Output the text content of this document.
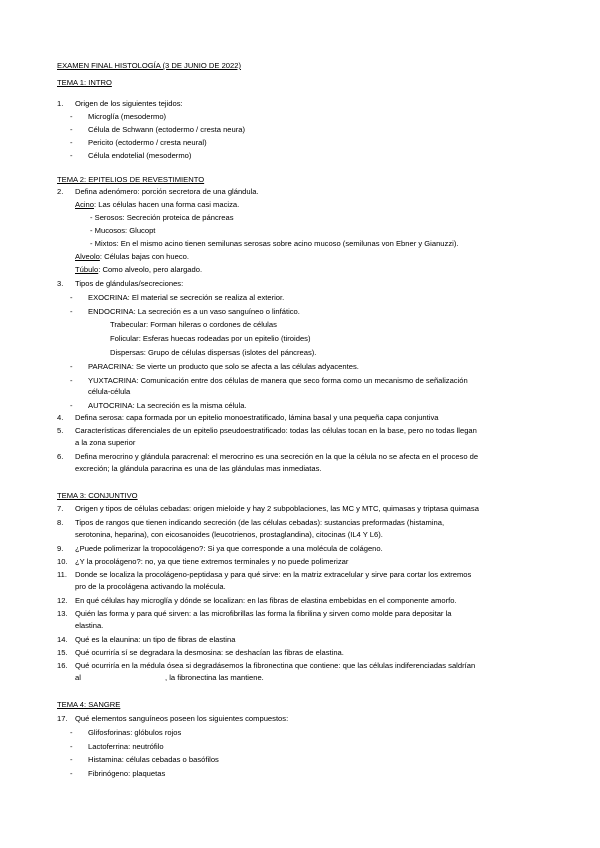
EXAMEN FINAL HISTOLOGÍA (3 DE JUNIO DE 2022)
TEMA 1: INTRO
1. Origen de los siguientes tejidos:
- Microglía (mesodermo)
- Célula de Schwann (ectodermo / cresta neura)
- Pericito (ectodermo / cresta neural)
- Célula endotelial (mesodermo)
TEMA 2: EPITELIOS DE REVESTIMIENTO
2. Defina adenómero: porción secretora de una glándula.
Acino: Las células hacen una forma casi maciza.
- Serosos: Secreción proteica de páncreas
- Mucosos: Glucopt
- Mixtos: En el mismo acino tienen semilunas serosas sobre acino mucoso (semilunas von Ebner y Gianuzzi).
Alveolo: Células bajas con hueco.
Túbulo: Como alveolo, pero alargado.
3. Tipos de glándulas/secreciones:
- EXOCRINA: El material se secreción se realiza al exterior.
- ENDOCRINA: La secreción es a un vaso sanguíneo o linfático.
Trabecular: Forman hileras o cordones de células
Folicular: Esferas huecas rodeadas por un epitelio (tiroides)
Dispersas: Grupo de células dispersas (islotes del páncreas).
- PARACRINA: Se vierte un producto que solo se afecta a las células adyacentes.
- YUXTACRINA: Comunicación entre dos células de manera que seco forma como un mecanismo de señalización
célula-célula
- AUTOCRINA: La secreción es la misma célula.
4. Defina serosa: capa formada por un epitelio monoestratificado, lámina basal y una pequeña capa conjuntiva
5. Características diferenciales de un epitelio pseudoestratificado: todas las células tocan en la base, pero no todas llegan
a la zona superior
6. Defina merocrino y glándula paracrenal: el merocrino es una secreción en la que la célula no se afecta en el proceso de
excreción; la glándula paracrina es una de las glándulas mas inmediatas.
TEMA 3: CONJUNTIVO
7. Origen y tipos de células cebadas: origen mieloide y hay 2 subpoblaciones, las MC y MTC, quimasas y triptasa quimasa
8. Tipos de rangos que tienen indicando secreción (de las células cebadas): sustancias preformadas (histamina,
serotonina, heparina), con eicosanoides (leucotrienos, prostaglandina), citocinas (IL4 Y L6).
9. ¿Puede polimerizar la tropocolágeno?: Si ya que corresponde a una molécula de colágeno.
10. ¿Y la procolágeno?: no, ya que tiene extremos terminales y no puede polimerizar
11. Donde se localiza la procolágeno-peptidasa y para qué sirve: en la matriz extracelular y sirve para cortar los extremos
pro de la procolágena activando la molécula.
12. En qué células hay microglía y dónde se localizan: en las fibras de elastina embebidas en el componente amorfo.
13. Quién las forma y para qué sirven: a las microfibrillas las forma la fibrilina y sirven como molde para depositar la
elastina.
14. Qué es la elaunina: un tipo de fibras de elastina
15. Qué ocurriría sí se degradara la desmosina: se deshacían las fibras de elastina.
16. Qué ocurriría en la médula ósea si degradásemos la fibronectina que contiene: que las células indiferenciadas saldrían
al	, la fibronectina las mantiene.
TEMA 4: SANGRE
17. Qué elementos sanguíneos poseen los siguientes compuestos:
- Glifosforinas: glóbulos rojos
- Lactoferrina: neutrófilo
- Histamina: células cebadas o basófilos
- Fibrinógeno: plaquetas
